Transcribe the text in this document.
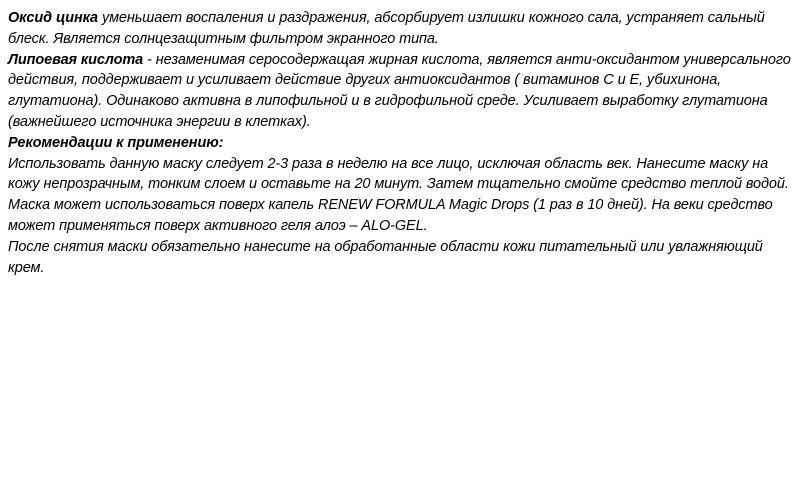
Оксид цинка уменьшает воспаления и раздражения, абсорбирует излишки кожного сала, устраняет сальный блеск. Является солнцезащитным фильтром экранного типа.

Липоевая кислота - незаменимая серосодержащая жирная кислота, является анти-оксидантом универсального действия, поддерживает и усиливает действие других антиоксидантов ( витаминов C и E, убихинона, глутатиона). Одинаково активна в липофильной и в гидрофильной среде. Усиливает выработку глутатиона (важнейшего источника энергии в клетках).

Рекомендации к применению:

Использовать данную маску следует 2-3 раза в неделю на все лицо, исключая область век. Нанесите маску на кожу непрозрачным, тонким слоем и оставьте на 20 минут. Затем тщательно смойте средство теплой водой.

Маска может использоваться поверх капель RENEW FORMULA Magic Drops (1 раз в 10 дней). На веки средство может применяться поверх активного геля алоэ – ALO-GEL.

После снятия маски обязательно нанесите на обработанные области кожи питательный или увлажняющий крем.
